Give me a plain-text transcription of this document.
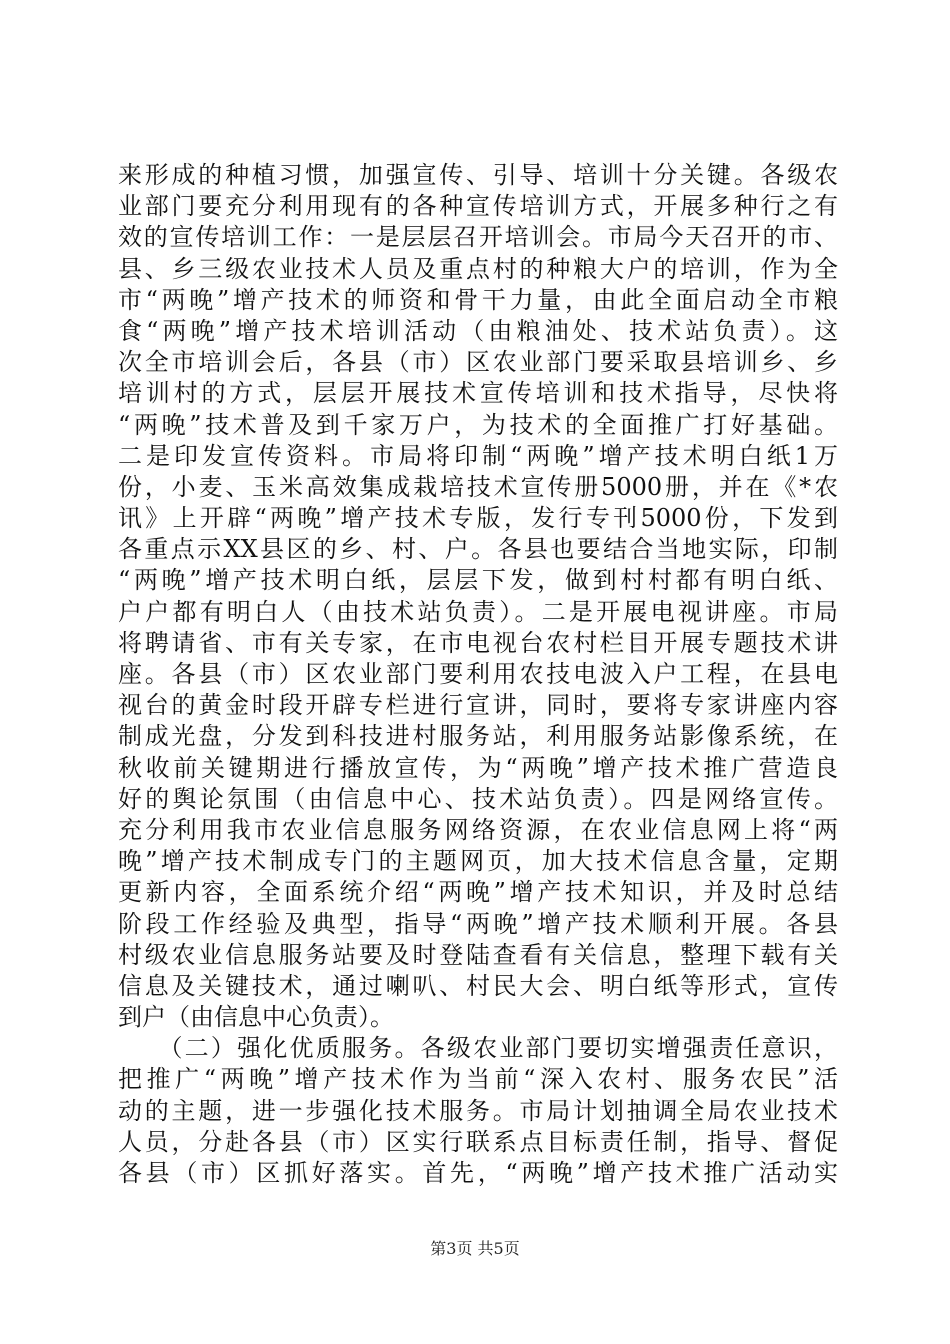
来形成的种植习惯，加强宣传、引导、培训十分关键。各级农
业部门要充分利用现有的各种宣传培训方式，开展多种行之有
效的宣传培训工作：一是层层召开培训会。市局今天召开的市、
县、乡三级农业技术人员及重点村的种粮大户的培训，作为全
市“两晚”增产技术的师资和骨干力量，由此全面启动全市粮
食“两晚”增产技术培训活动（由粮油处、技术站负责）。这
次全市培训会后，各县（市）区农业部门要采取县培训乡、乡
培训村的方式，层层开展技术宣传培训和技术指导，尽快将
“两晚”技术普及到千家万户，为技术的全面推广打好基础。
二是印发宣传资料。市局将印制“两晚”增产技术明白纸1万
份，小麦、玉米高效集成栽培技术宣传册5000册，并在《*农
讯》上开辟“两晚”增产技术专版，发行专刊5000份，下发到
各重点示XX县区的乡、村、户。各县也要结合当地实际，印制
“两晚”增产技术明白纸，层层下发，做到村村都有明白纸、
户户都有明白人（由技术站负责）。二是开展电视讲座。市局
将聘请省、市有关专家，在市电视台农村栏目开展专题技术讲
座。各县（市）区农业部门要利用农技电波入户工程，在县电
视台的黄金时段开辟专栏进行宣讲，同时，要将专家讲座内容
制成光盘，分发到科技进村服务站，利用服务站影像系统，在
秋收前关键期进行播放宣传，为“两晚”增产技术推广营造良
好的舆论氛围（由信息中心、技术站负责）。四是网络宣传。
充分利用我市农业信息服务网络资源，在农业信息网上将“两
晚”增产技术制成专门的主题网页，加大技术信息含量，定期
更新内容，全面系统介绍“两晚”增产技术知识，并及时总结
阶段工作经验及典型，指导“两晚”增产技术顺利开展。各县
村级农业信息服务站要及时登陆查看有关信息，整理下载有关
信息及关键技术，通过喇叭、村民大会、明白纸等形式，宣传
到户（由信息中心负责）。
　　（二）强化优质服务。各级农业部门要切实增强责任意识，
把推广“两晚”增产技术作为当前“深入农村、服务农民”活
动的主题，进一步强化技术服务。市局计划抽调全局农业技术
人员，分赴各县（市）区实行联系点目标责任制，指导、督促
各县（市）区抓好落实。首先，“两晚”增产技术推广活动实
第3页 共5页
